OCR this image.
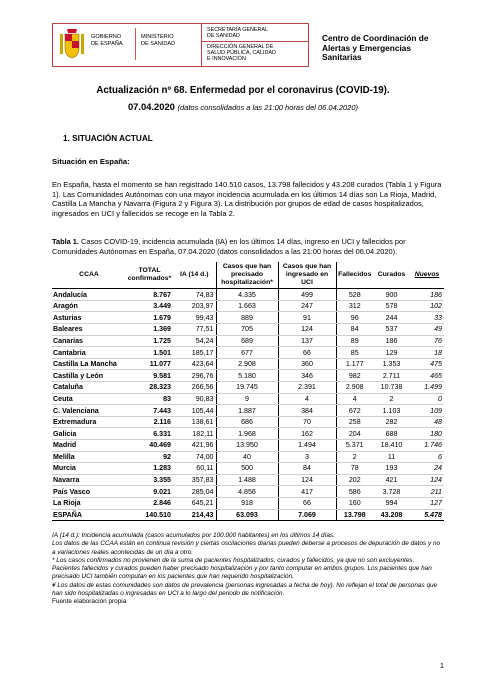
GOBIERNO
DE ESPAÑA
MINISTERIO
DE SANIDAD
SECRETARÍA GENERAL
DE SANIDAD
DIRECCIÓN GENERAL DE
SALUD PÚBLICA, CALIDAD
E INNOVACIÓN
Centro de Coordinación de
Alertas y Emergencias
Sanitarias
Actualización nº 68. Enfermedad por el coronavirus (COVID-19).
07.04.2020 (datos consolidados a las 21:00 horas del 06.04.2020)
1. SITUACIÓN ACTUAL
Situación en España:
En España, hasta el momento se han registrado 140.510 casos, 13.798 fallecidos y 43.208 curados (Tabla 1 y Figura 1). Las Comunidades Autónomas con una mayor incidencia acumulada en los últimos 14 días son La Rioja, Madrid, Castilla La Mancha y Navarra (Figura 2 y Figura 3). La distribución por grupos de edad de casos hospitalizados, ingresados en UCI y fallecidos se recoge en la Tabla 2.
Tabla 1. Casos COVID-19, incidencia acumulada (IA) en los últimos 14 días, ingreso en UCI y fallecidos por Comunidades Autónomas en España, 07.04.2020 (datos consolidados a las 21:00 horas del 06.04.2020).
CCAA	TOTAL confirmados*	IA (14 d.)	Casos que han precisado hospitalización*	Casos que han ingresado en UCI	Fallecidos	Curados	Nuevos
Andalucía	8.767	74,83	4.335	499	528	900	186
Aragón	3.449	203,97	1.663	247	312	578	102
Asturias	1.679	99,43	889	91	96	244	33
Baleares	1.369	77,51	705	124	84	537	49
Canarias	1.725	54,24	689	137	89	186	76
Cantabria	1.501	185,17	677	66	85	129	18
Castilla La Mancha	11.077	423,64	2.908	360	1.177	1.353	475
Castilla y León	9.581	296,76	5.180	346	982	2.711	465
Cataluña	28.323	266,56	19.745	2.391	2.908	10.738	1.499
Ceuta	83	90,83	9	4	4	2	0
C. Valenciana	7.443	105,44	1.887	384	672	1.103	109
Extremadura	2.116	138,61	686	70	258	282	48
Galicia	6.331	182,11	1.968	162	204	688	180
Madrid	40.469	421,96	13.950	1.494	5.371	18.410	1.746
Melilla	92	74,00	40	3	2	11	6
Murcia	1.283	60,11	500	84	78	193	24
Navarra	3.355	357,83	1.488	124	202	421	124
País Vasco	9.021	285,04	4.856	417	586	3.728	211
La Rioja	2.846	645,21	918	66	160	994	127
ESPAÑA	140.510	214,43	63.093	7.069	13.798	43.208	5.478
IA (14 d.): Incidencia acumulada (casos acumulados por 100.000 habitantes) en los últimos 14 días.
Los datos de las CCAA están en continua revisión y ciertas oscilaciones diarias pueden deberse a procesos de depuración de datos y no a variaciones reales acontecidas de un día a otro.
* Los casos confirmados no provienen de la suma de pacientes hospitalizados, curados y fallecidos, ya que no son excluyentes. Pacientes fallecidos y curados pueden haber precisado hospitalización y por tanto computar en ambos grupos. Los pacientes que han precisado UCI también computan en los pacientes que han requerido hospitalización.
¥ Los datos de estas comunidades son datos de prevalencia (personas ingresadas a fecha de hoy). No reflejan el total de personas que han sido hospitalizadas o ingresadas en UCI a lo largo del periodo de notificación.
Fuente elaboración propia
1
